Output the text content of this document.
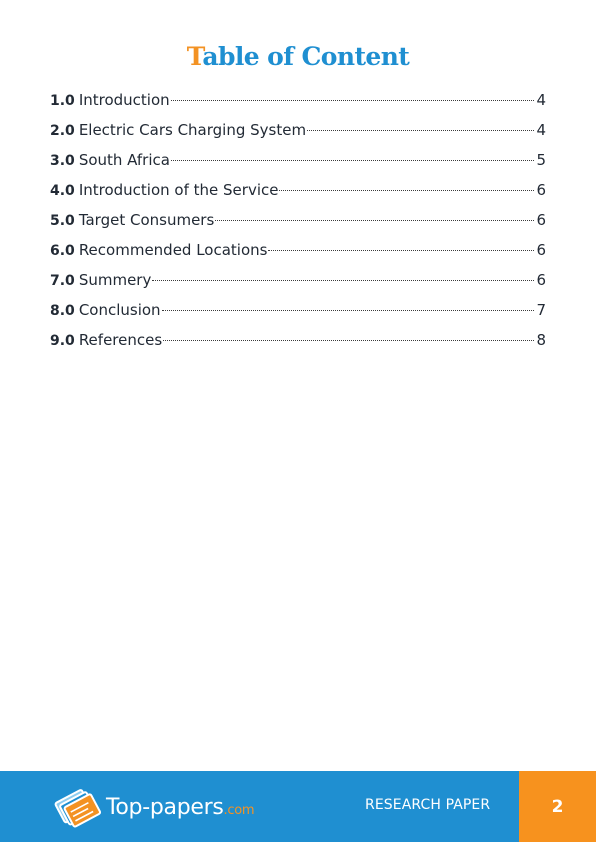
Table of Content
1.0 Introduction	4
2.0 Electric Cars Charging System	4
3.0 South Africa	5
4.0 Introduction of the Service	6
5.0 Target Consumers	6
6.0 Recommended Locations	6
7.0 Summery	6
8.0 Conclusion	7
9.0 References	8
Top-papers.com	RESEARCH PAPER	2
